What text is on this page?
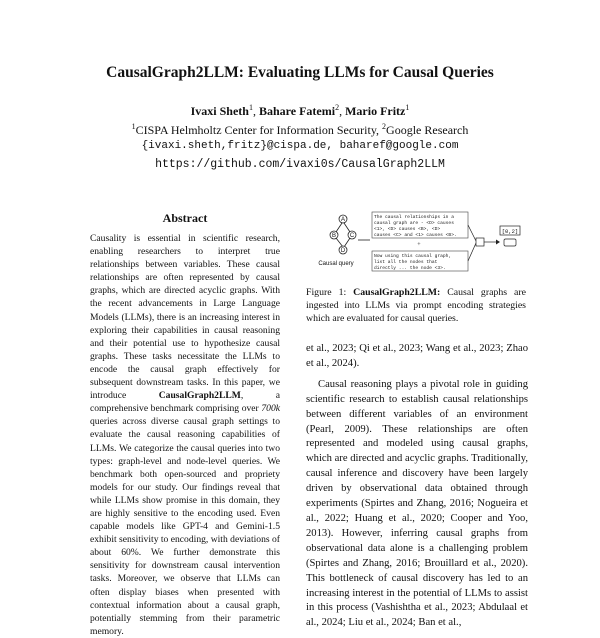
CausalGraph2LLM: Evaluating LLMs for Causal Queries
Ivaxi Sheth$^1$, Bahare Fatemi$^2$, Mario Fritz$^1$
$^1$CISPA Helmholtz Center for Information Security, $^2$Google Research
{ivaxi.sheth,fritz}@cispa.de, baharef@google.com
https://github.com/ivaxi0s/CausalGraph2LLM
Abstract
Causality is essential in scientific research, enabling researchers to interpret true relationships between variables. These causal relationships are often represented by causal graphs, which are directed acyclic graphs. With the recent advancements in Large Language Models (LLMs), there is an increasing interest in exploring their capabilities in causal reasoning and their potential use to hypothesize causal graphs. These tasks necessitate the LLMs to encode the causal graph effectively for subsequent downstream tasks. In this paper, we introduce CausalGraph2LLM, a comprehensive benchmark comprising over 700k queries across diverse causal graph settings to evaluate the causal reasoning capabilities of LLMs. We categorize the causal queries into two types: graph-level and node-level queries. We benchmark both open-sourced and propriety models for our study. Our findings reveal that while LLMs show promise in this domain, they are highly sensitive to the encoding used. Even capable models like GPT-4 and Gemini-1.5 exhibit sensitivity to encoding, with deviations of about 60%. We further demonstrate this sensitivity for downstream causal intervention tasks. Moreover, we observe that LLMs can often display biases when presented with contextual information about a causal graph, potentially stemming from their parametric memory.
A
B C
D
Causal query
The causal relationships in a causal graph are - <D> causes <1>, <D> causes <B>, <D> causes <C> and <1> causes <B>.
+
Now using this causal graph, list all the nodes that directly ... the node <3>.
[0,2]
Figure 1: CausalGraph2LLM: Causal graphs are ingested into LLMs via prompt encoding strategies which are evaluated for causal queries.

et al., 2023; Qi et al., 2023; Wang et al., 2023; Zhao et al., 2024).

Causal reasoning plays a pivotal role in guiding scientific research to establish causal relationships between different variables of an environment (Pearl, 2009). These relationships are often represented and modeled using causal graphs, which are directed and acyclic graphs. Traditionally, causal inference and discovery have been largely driven by observational data obtained through experiments (Spirtes and Zhang, 2016; Nogueira et al., 2022; Huang et al., 2020; Cooper and Yoo, 2013). However, inferring causal graphs from observational data alone is a challenging problem (Spirtes and Zhang, 2016; Brouillard et al., 2020). This bottleneck of causal discovery has led to an increasing interest in the potential of LLMs to assist in this process (Vashishtha et al., 2023; Abdulaal et al., 2024; Liu et al., 2024; Ban et al.,
